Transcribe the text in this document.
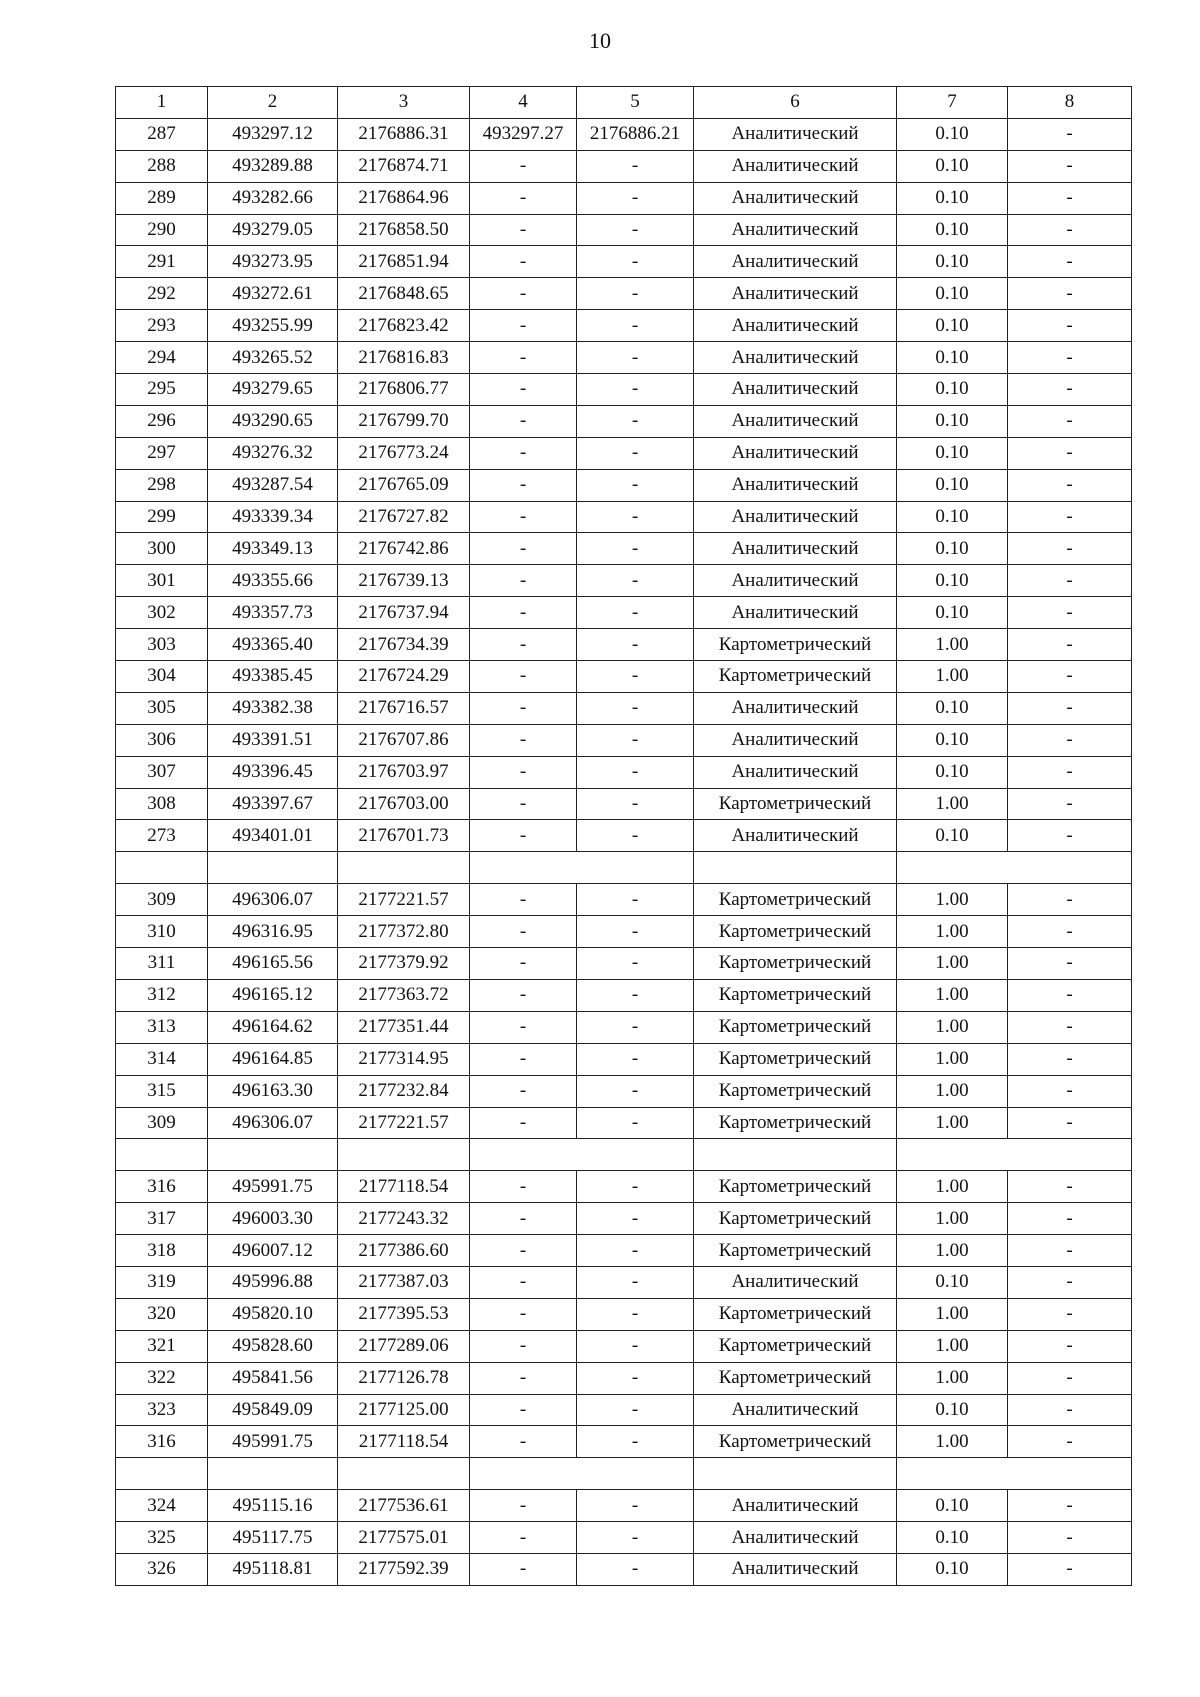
10
1	2	3	4	5	6	7	8
287	493297.12	2176886.31	493297.27	2176886.21	Аналитический	0.10	-
288	493289.88	2176874.71	-	-	Аналитический	0.10	-
289	493282.66	2176864.96	-	-	Аналитический	0.10	-
290	493279.05	2176858.50	-	-	Аналитический	0.10	-
291	493273.95	2176851.94	-	-	Аналитический	0.10	-
292	493272.61	2176848.65	-	-	Аналитический	0.10	-
293	493255.99	2176823.42	-	-	Аналитический	0.10	-
294	493265.52	2176816.83	-	-	Аналитический	0.10	-
295	493279.65	2176806.77	-	-	Аналитический	0.10	-
296	493290.65	2176799.70	-	-	Аналитический	0.10	-
297	493276.32	2176773.24	-	-	Аналитический	0.10	-
298	493287.54	2176765.09	-	-	Аналитический	0.10	-
299	493339.34	2176727.82	-	-	Аналитический	0.10	-
300	493349.13	2176742.86	-	-	Аналитический	0.10	-
301	493355.66	2176739.13	-	-	Аналитический	0.10	-
302	493357.73	2176737.94	-	-	Аналитический	0.10	-
303	493365.40	2176734.39	-	-	Картометрический	1.00	-
304	493385.45	2176724.29	-	-	Картометрический	1.00	-
305	493382.38	2176716.57	-	-	Аналитический	0.10	-
306	493391.51	2176707.86	-	-	Аналитический	0.10	-
307	493396.45	2176703.97	-	-	Аналитический	0.10	-
308	493397.67	2176703.00	-	-	Картометрический	1.00	-
273	493401.01	2176701.73	-	-	Аналитический	0.10	-

309	496306.07	2177221.57	-	-	Картометрический	1.00	-
310	496316.95	2177372.80	-	-	Картометрический	1.00	-
311	496165.56	2177379.92	-	-	Картометрический	1.00	-
312	496165.12	2177363.72	-	-	Картометрический	1.00	-
313	496164.62	2177351.44	-	-	Картометрический	1.00	-
314	496164.85	2177314.95	-	-	Картометрический	1.00	-
315	496163.30	2177232.84	-	-	Картометрический	1.00	-
309	496306.07	2177221.57	-	-	Картометрический	1.00	-

316	495991.75	2177118.54	-	-	Картометрический	1.00	-
317	496003.30	2177243.32	-	-	Картометрический	1.00	-
318	496007.12	2177386.60	-	-	Картометрический	1.00	-
319	495996.88	2177387.03	-	-	Аналитический	0.10	-
320	495820.10	2177395.53	-	-	Картометрический	1.00	-
321	495828.60	2177289.06	-	-	Картометрический	1.00	-
322	495841.56	2177126.78	-	-	Картометрический	1.00	-
323	495849.09	2177125.00	-	-	Аналитический	0.10	-
316	495991.75	2177118.54	-	-	Картометрический	1.00	-

324	495115.16	2177536.61	-	-	Аналитический	0.10	-
325	495117.75	2177575.01	-	-	Аналитический	0.10	-
326	495118.81	2177592.39	-	-	Аналитический	0.10	-
